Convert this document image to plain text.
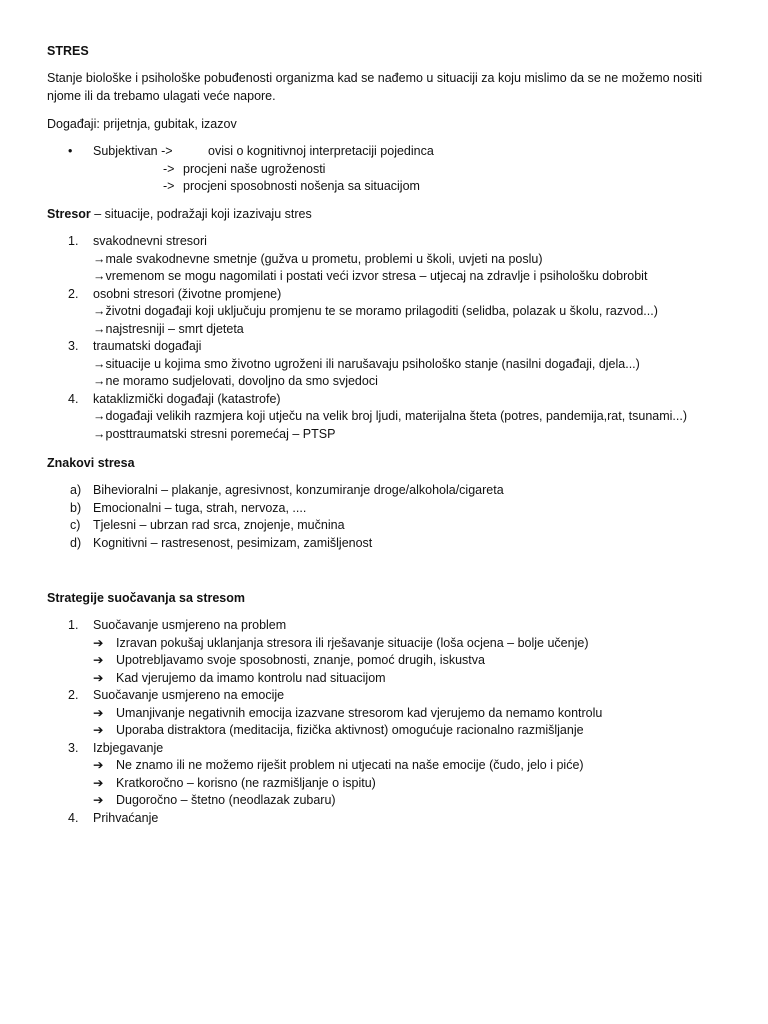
STRES

Stanje biološke i psihološke pobuđenosti organizma kad se nađemo u situaciji za koju mislimo da se ne možemo nositi njome ili da trebamo ulagati veće napore.

Događaji: prijetnja, gubitak, izazov

• Subjektivan ->	ovisi o kognitivnoj interpretaciji pojedinca
-> procjeni naše ugroženosti
-> procjeni sposobnosti nošenja sa situacijom

Stresor – situacije, podražaji koji izazivaju stres

1.	svakodnevni stresori
→male svakodnevne smetnje (gužva u prometu, problemi u školi, uvjeti na poslu)
→vremenom se mogu nagomilati i postati veći izvor stresa – utjecaj na zdravlje i psihološku dobrobit
2.	osobni stresori (životne promjene)
→životni događaji koji uključuju promjenu te se moramo prilagoditi (selidba, polazak u školu, razvod...)
→najstresniji – smrt djeteta
3.	traumatski događaji
→situacije u kojima smo životno ugroženi ili narušavaju psihološko stanje (nasilni događaji, djela...)
→ne moramo sudjelovati, dovoljno da smo svjedoci
4.	kataklizmički događaji (katastrofe)
→događaji velikih razmjera koji utječu na velik broj ljudi, materijalna šteta (potres, pandemija,rat, tsunami...)
→posttraumatski stresni poremećaj – PTSP

Znakovi stresa

a) Bihevioralni – plakanje, agresivnost, konzumiranje droge/alkohola/cigareta
b) Emocionalni – tuga, strah, nervoza, ....
c)	Tjelesni – ubrzan rad srca, znojenje, mučnina
d) Kognitivni – rastresenost, pesimizam, zamišljenost

Strategije suočavanja sa stresom

1.	Suočavanje usmjereno na problem
➔ Izravan pokušaj uklanjanja stresora ili rješavanje situacije (loša ocjena – bolje učenje)
➔ Upotrebljavamo svoje sposobnosti, znanje, pomoć drugih, iskustva
➔ Kad vjerujemo da imamo kontrolu nad situacijom
2.	Suočavanje usmjereno na emocije
➔ Umanjivanje negativnih emocija izazvane stresorom kad vjerujemo da nemamo kontrolu
➔ Uporaba distraktora (meditacija, fizička aktivnost) omogućuje racionalno razmišljanje
3.	Izbjegavanje
➔ Ne znamo ili ne možemo riješit problem ni utjecati na naše emocije (čudo, jelo i piće)
➔ Kratkoročno – korisno (ne razmišljanje o ispitu)
➔ Dugoročno – štetno (neodlazak zubaru)
4.	Prihvaćanje
